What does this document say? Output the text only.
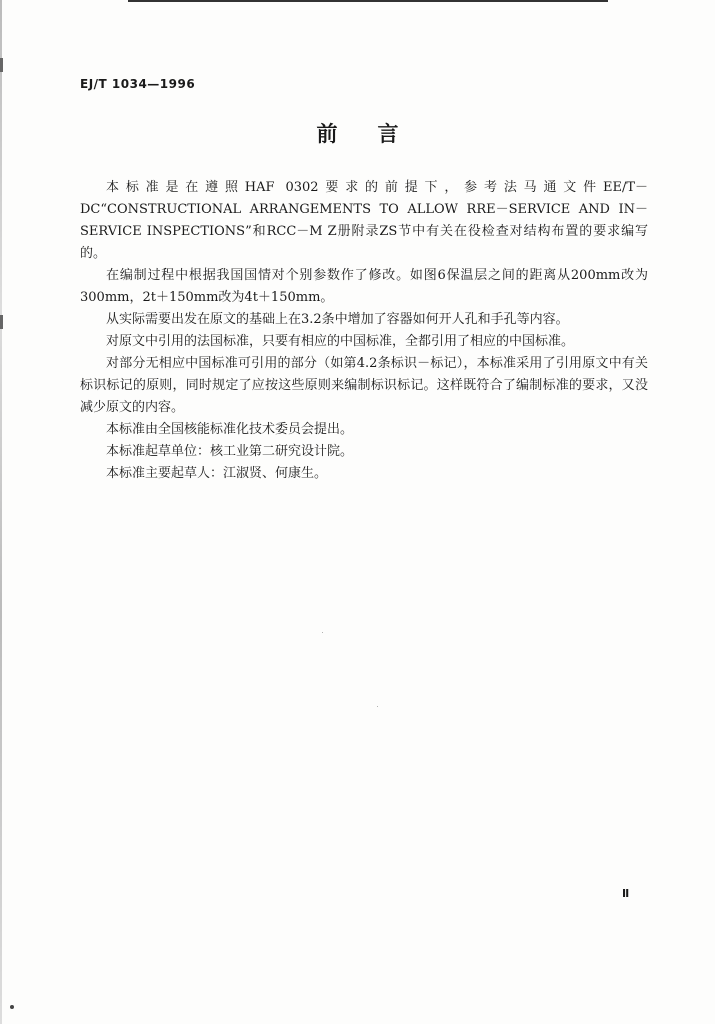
EJ/T 1034—1996
前言

本标准是在遵照HAF 0302要求的前提下，参考法马通文件EE/T－DC“CONSTRUCTIONAL ARRANGEMENTS TO ALLOW RRE－SERVICE AND IN－SERVICE INSPECTIONS”和RCC－M Z册附录ZS节中有关在役检查对结构布置的要求编写的。

在编制过程中根据我国国情对个别参数作了修改。如图6保温层之间的距离从200mm改为300mm，2t＋150mm改为4t＋150mm。

从实际需要出发在原文的基础上在3.2条中增加了容器如何开人孔和手孔等内容。

对原文中引用的法国标准，只要有相应的中国标准，全都引用了相应的中国标准。

对部分无相应中国标准可引用的部分（如第4.2条标识－标记），本标准采用了引用原文中有关标识标记的原则，同时规定了应按这些原则来编制标识标记。这样既符合了编制标准的要求，又没减少原文的内容。

本标准由全国核能标准化技术委员会提出。

本标准起草单位：核工业第二研究设计院。

本标准主要起草人：江淑贤、何康生。

Ⅱ
